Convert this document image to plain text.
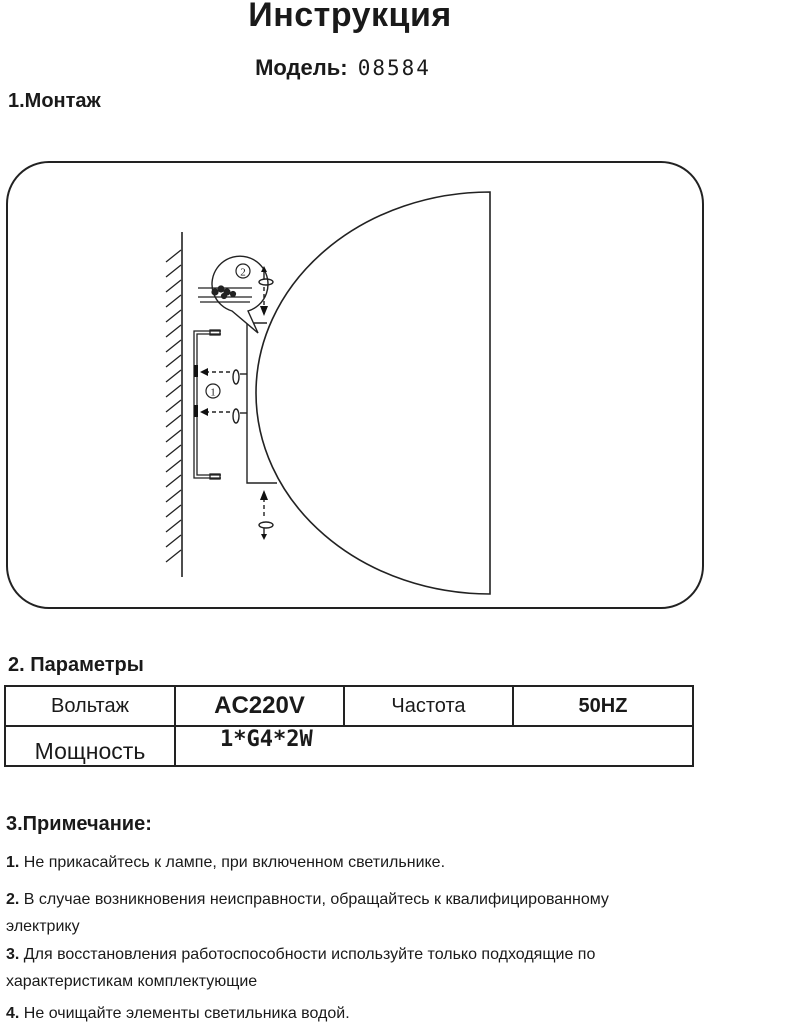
Инструкция
Модель: 08584
1.Монтаж
1
2
2. Параметры
Вольтаж	AC220V	Частота	50HZ
Мощность	1*G4*2W		
3.Примечание:
1. Не прикасайтесь к лампе, при включенном светильнике.
2. В случае возникновения неисправности, обращайтесь к квалифицированному
электрику
3. Для восстановления работоспособности используйте только подходящие по
характеристикам комплектующие
4. Не очищайте элементы светильника водой.
